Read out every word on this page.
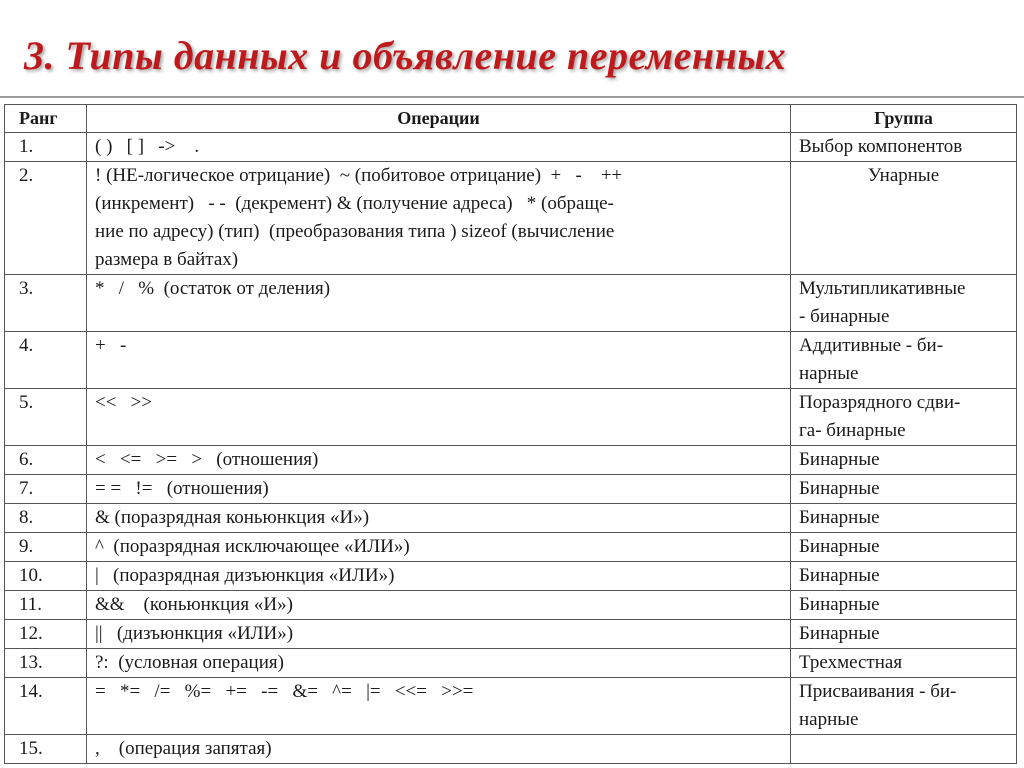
3. Типы данных и объявление переменных
Ранг	Операции	Группа
1.	( )   [ ]   ->    .	Выбор компонентов
2.	! (НЕ-логическое отрицание)  ~ (побитовое отрицание)  +   -    ++
(инкремент)   - -  (декремент) & (получение адреса)   * (обраще-
ние по адресу) (тип)  (преобразования типа ) sizeof (вычисление
размера в байтах)	Унарные
3.	*   /   %  (остаток от деления)	Мультипликативные
- бинарные
4.	+   -	Аддитивные - би-
нарные
5.	<<   >>	Поразрядного сдви-
га- бинарные
6.	<   <=   >=   >   (отношения)	Бинарные
7.	= =   !=   (отношения)	Бинарные
8.	& (поразрядная коньюнкция «И»)	Бинарные
9.	^  (поразрядная исключающее «ИЛИ»)	Бинарные
10.	|   (поразрядная дизъюнкция «ИЛИ»)	Бинарные
11.	&&    (коньюнкция «И»)	Бинарные
12.	||   (дизъюнкция «ИЛИ»)	Бинарные
13.	?:  (условная операция)	Трехместная
14.	=   *=   /=   %=   +=   -=   &=   ^=   |=   <<=   >>=	Присваивания - би-
нарные
15.	,    (операция запятая)	
